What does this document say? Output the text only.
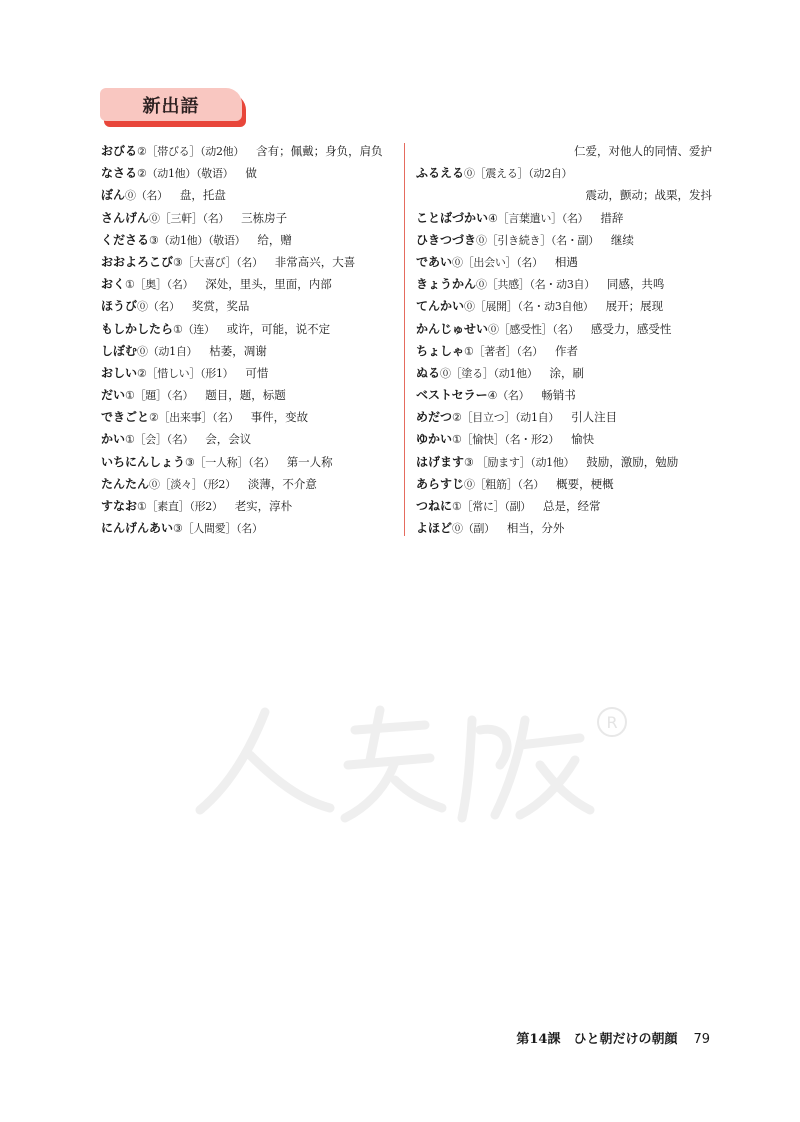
新出語
おびる②［帯びる］（动2他）  含有；佩戴；身负，肩负
なさる②（动1他）（敬语）  做
ぼん⓪（名）  盘，托盘
さんげん⓪［三軒］（名）  三栋房子
くださる③（动1他）（敬语）  给，赠
おおよろこび③［大喜び］（名）  非常高兴，大喜
おく①［奥］（名）  深处，里头，里面，内部
ほうび⓪（名）  奖赏，奖品
もしかしたら①（连）  或许，可能，说不定
しぼむ⓪（动1自）  枯萎，凋谢
おしい②［惜しい］（形1）  可惜
だい①［題］（名）  题目，题，标题
できごと②［出来事］（名）  事件，变故
かい①［会］（名）  会，会议
いちにんしょう③［一人称］（名）  第一人称
たんたん⓪［淡々］（形2）  淡薄，不介意
すなお①［素直］（形2）  老实，淳朴
にんげんあい③［人間愛］（名）
仁爱，对他人的同情、爱护
ふるえる⓪［震える］（动2自）
震动，颤动；战栗，发抖
ことばづかい④［言葉遣い］（名）  措辞
ひきつづき⓪［引き続き］（名・副）  继续
であい⓪［出会い］（名）  相遇
きょうかん⓪［共感］（名・动3自）  同感，共鸣
てんかい⓪［展開］（名・动3自他）  展开；展现
かんじゅせい⓪［感受性］（名）  感受力，感受性
ちょしゃ①［著者］（名）  作者
ぬる⓪［塗る］（动1他）  涂，刷
ベストセラー④（名）  畅销书
めだつ②［目立つ］（动1自）  引人注目
ゆかい①［愉快］（名・形2）  愉快
はげます③ ［励ます］（动1他）  鼓励，激励，勉励
あらすじ⓪［粗筋］（名）  概要，梗概
つねに①［常に］（副）  总是，经常
よほど⓪（副）  相当，分外
R
第14課　ひと朝だけの朝顔 79
